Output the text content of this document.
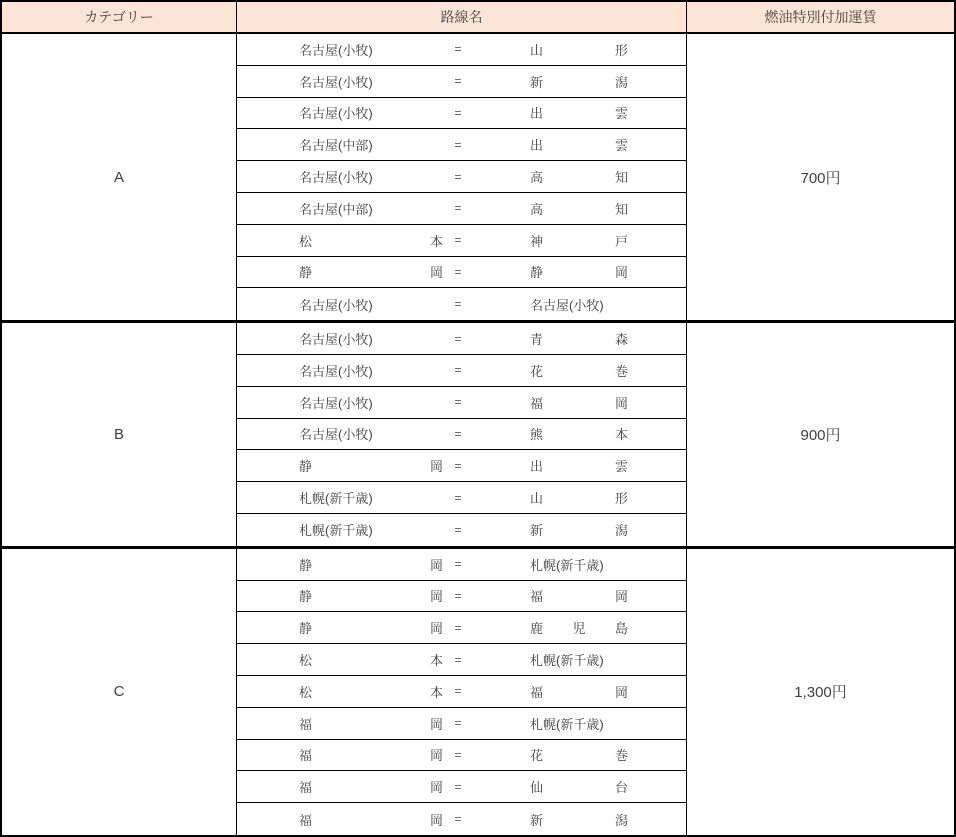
カテゴリー	路線名	燃油特別付加運賃
A
名古屋(小牧)	=	山	形
名古屋(小牧)	=	新	潟
名古屋(小牧)	=	出	雲
名古屋(中部)	=	出	雲
名古屋(小牧)	=	高	知
名古屋(中部)	=	高	知
松	本 =	神	戸
静	岡 =	静	岡
名古屋(小牧)	=	名古屋(小牧)
700円
B
名古屋(小牧)	=	青	森
名古屋(小牧)	=	花	巻
名古屋(小牧)	=	福	岡
名古屋(小牧)	=	熊	本
静	岡 =	出	雲
札幌(新千歳)	=	山	形
札幌(新千歳)	=	新	潟
900円
C
静	岡 =	札幌(新千歳)
静	岡 =	福	岡
静	岡 =	鹿 児 島
松	本 =	札幌(新千歳)
松	本 =	福	岡
福	岡 =	札幌(新千歳)
福	岡 =	花	巻
福	岡 =	仙	台
福	岡 =	新	潟
1,300円
